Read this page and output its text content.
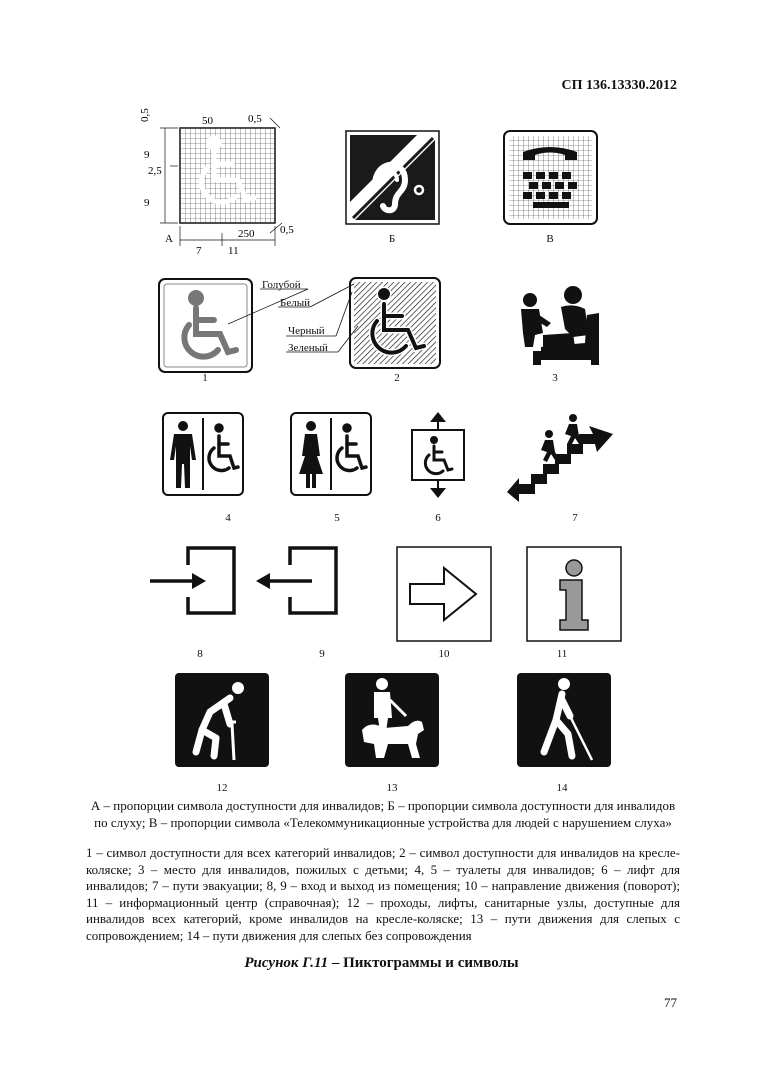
СП 136.13330.2012
0,5	50	0,5
9
2,5
9
250 0,5
7 11
А	Б	В
1
Голубой
Белый
Черный
Зеленый
2	3
4	5	6	7
8	9	10	11
12	13	14
А – пропорции символа доступности для инвалидов; Б – пропорции символа доступности для инвалидов по слуху; В – пропорции символа «Телекоммуникационные устройства для людей с нарушением слуха»
1 – символ доступности для всех категорий инвалидов; 2 – символ доступности для инвалидов на кресле-коляске; 3 – место для инвалидов, пожилых с детьми; 4, 5 – туалеты для инвалидов; 6 – лифт для инвалидов; 7 – пути эвакуации; 8, 9 – вход и выход из помещения; 10 – направление движения (поворот); 11 – информационный центр (справочная); 12 – проходы, лифты, санитарные узлы, доступные для инвалидов всех категорий, кроме инвалидов на кресле-коляске; 13 – пути движения для слепых с сопровождением; 14 – пути движения для слепых без сопровождения
Рисунок Г.11 – Пиктограммы и символы
77
